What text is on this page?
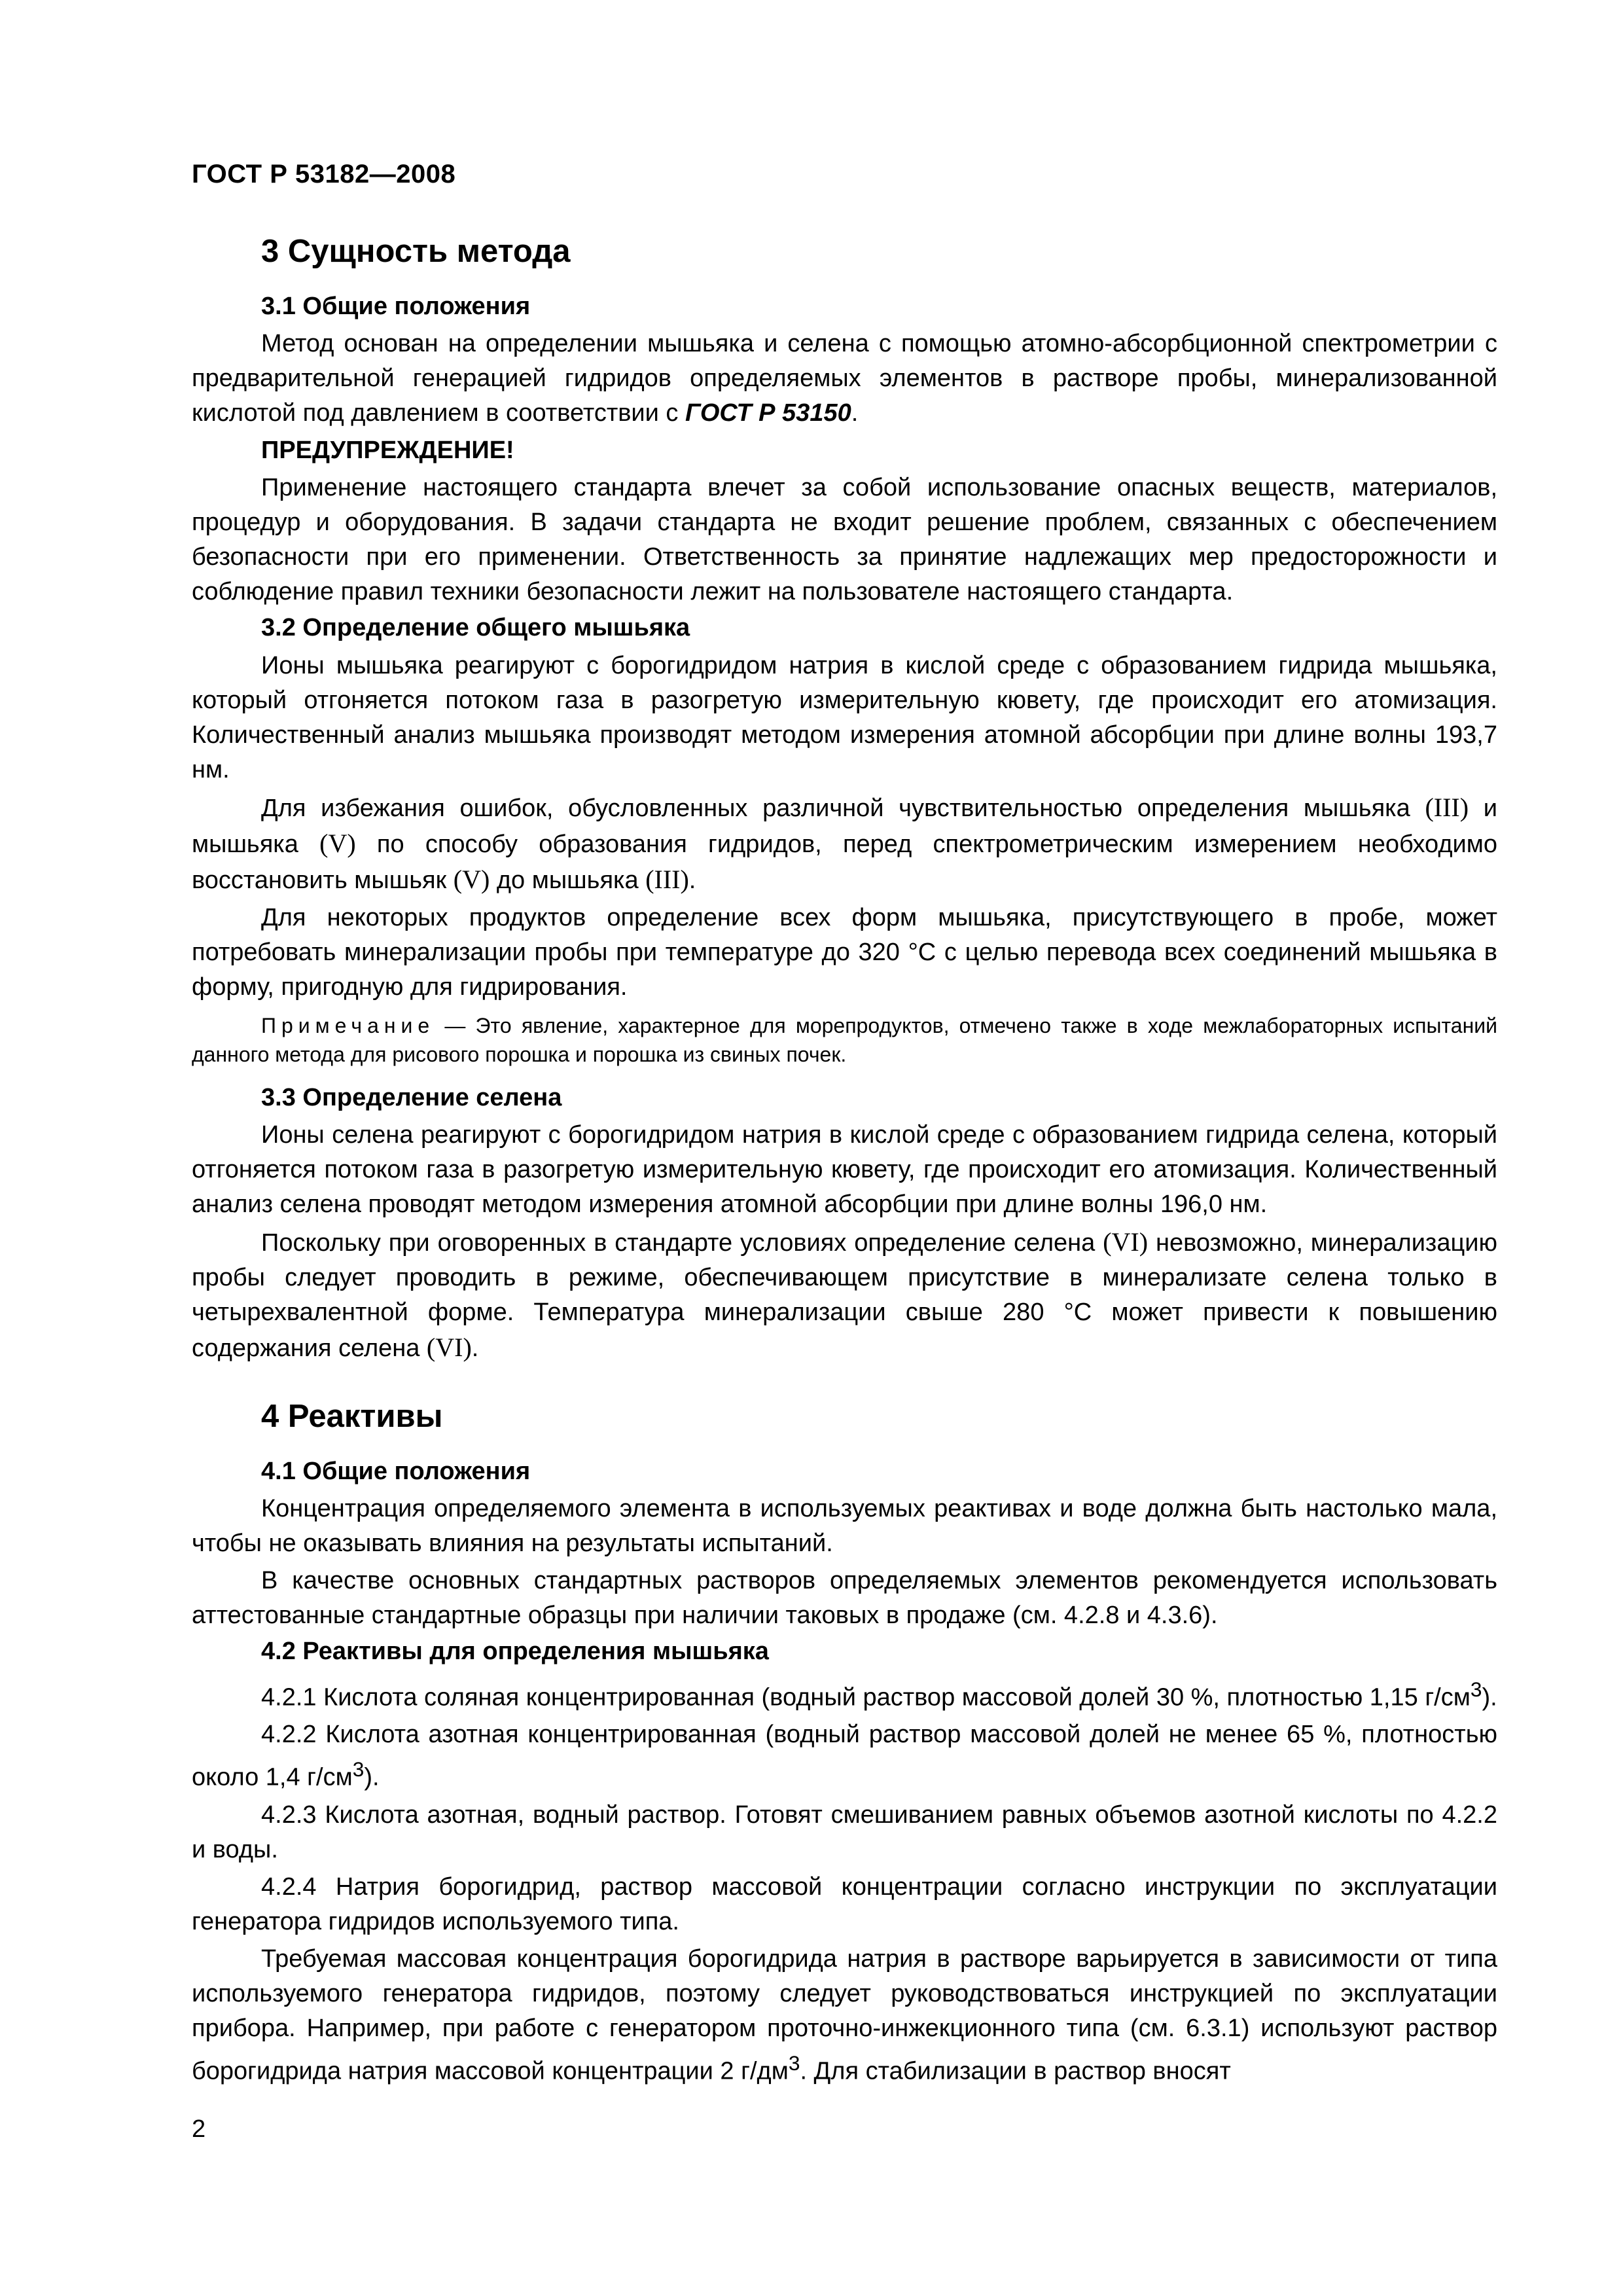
ГОСТ Р 53182—2008
3 Сущность метода
3.1 Общие положения

Метод основан на определении мышьяка и селена с помощью атомно-абсорбционной спектрометрии с предварительной генерацией гидридов определяемых элементов в растворе пробы, минерализованной кислотой под давлением в соответствии с ГОСТ Р 53150.

ПРЕДУПРЕЖДЕНИЕ!

Применение настоящего стандарта влечет за собой использование опасных веществ, материалов, процедур и оборудования. В задачи стандарта не входит решение проблем, связанных с обеспечением безопасности при его применении. Ответственность за принятие надлежащих мер предосторожности и соблюдение правил техники безопасности лежит на пользователе настоящего стандарта.

3.2 Определение общего мышьяка

Ионы мышьяка реагируют с борогидридом натрия в кислой среде с образованием гидрида мышьяка, который отгоняется потоком газа в разогретую измерительную кювету, где происходит его атомизация. Количественный анализ мышьяка производят методом измерения атомной абсорбции при длине волны 193,7 нм.

Для избежания ошибок, обусловленных различной чувствительностью определения мышьяка (III) и мышьяка (V) по способу образования гидридов, перед спектрометрическим измерением необходимо восстановить мышьяк (V) до мышьяка (III).

Для некоторых продуктов определение всех форм мышьяка, присутствующего в пробе, может потребовать минерализации пробы при температуре до 320 °С с целью перевода всех соединений мышьяка в форму, пригодную для гидрирования.

Примечание — Это явление, характерное для морепродуктов, отмечено также в ходе межлабораторных испытаний данного метода для рисового порошка и порошка из свиных почек.

3.3 Определение селена

Ионы селена реагируют с борогидридом натрия в кислой среде с образованием гидрида селена, который отгоняется потоком газа в разогретую измерительную кювету, где происходит его атомизация. Количественный анализ селена проводят методом измерения атомной абсорбции при длине волны 196,0 нм.

Поскольку при оговоренных в стандарте условиях определение селена (VI) невозможно, минерализацию пробы следует проводить в режиме, обеспечивающем присутствие в минерализате селена только в четырехвалентной форме. Температура минерализации свыше 280 °С может привести к повышению содержания селена (VI).

4 Реактивы
4.1 Общие положения

Концентрация определяемого элемента в используемых реактивах и воде должна быть настолько мала, чтобы не оказывать влияния на результаты испытаний.

В качестве основных стандартных растворов определяемых элементов рекомендуется использовать аттестованные стандартные образцы при наличии таковых в продаже (см. 4.2.8 и 4.3.6).

4.2 Реактивы для определения мышьяка

4.2.1 Кислота соляная концентрированная (водный раствор массовой долей 30 %, плотностью 1,15 $г/см^3$).

4.2.2 Кислота азотная концентрированная (водный раствор массовой долей не менее 65 %, плотностью около 1,4 $г/см^3$).

4.2.3 Кислота азотная, водный раствор. Готовят смешиванием равных объемов азотной кислоты по 4.2.2 и воды.

4.2.4 Натрия борогидрид, раствор массовой концентрации согласно инструкции по эксплуатации генератора гидридов используемого типа.

Требуемая массовая концентрация борогидрида натрия в растворе варьируется в зависимости от типа используемого генератора гидридов, поэтому следует руководствоваться инструкцией по эксплуатации прибора. Например, при работе с генератором проточно-инжекционного типа (см. 6.3.1) используют раствор борогидрида натрия массовой концентрации 2 $г/дм^3$. Для стабилизации в раствор вносят

2
